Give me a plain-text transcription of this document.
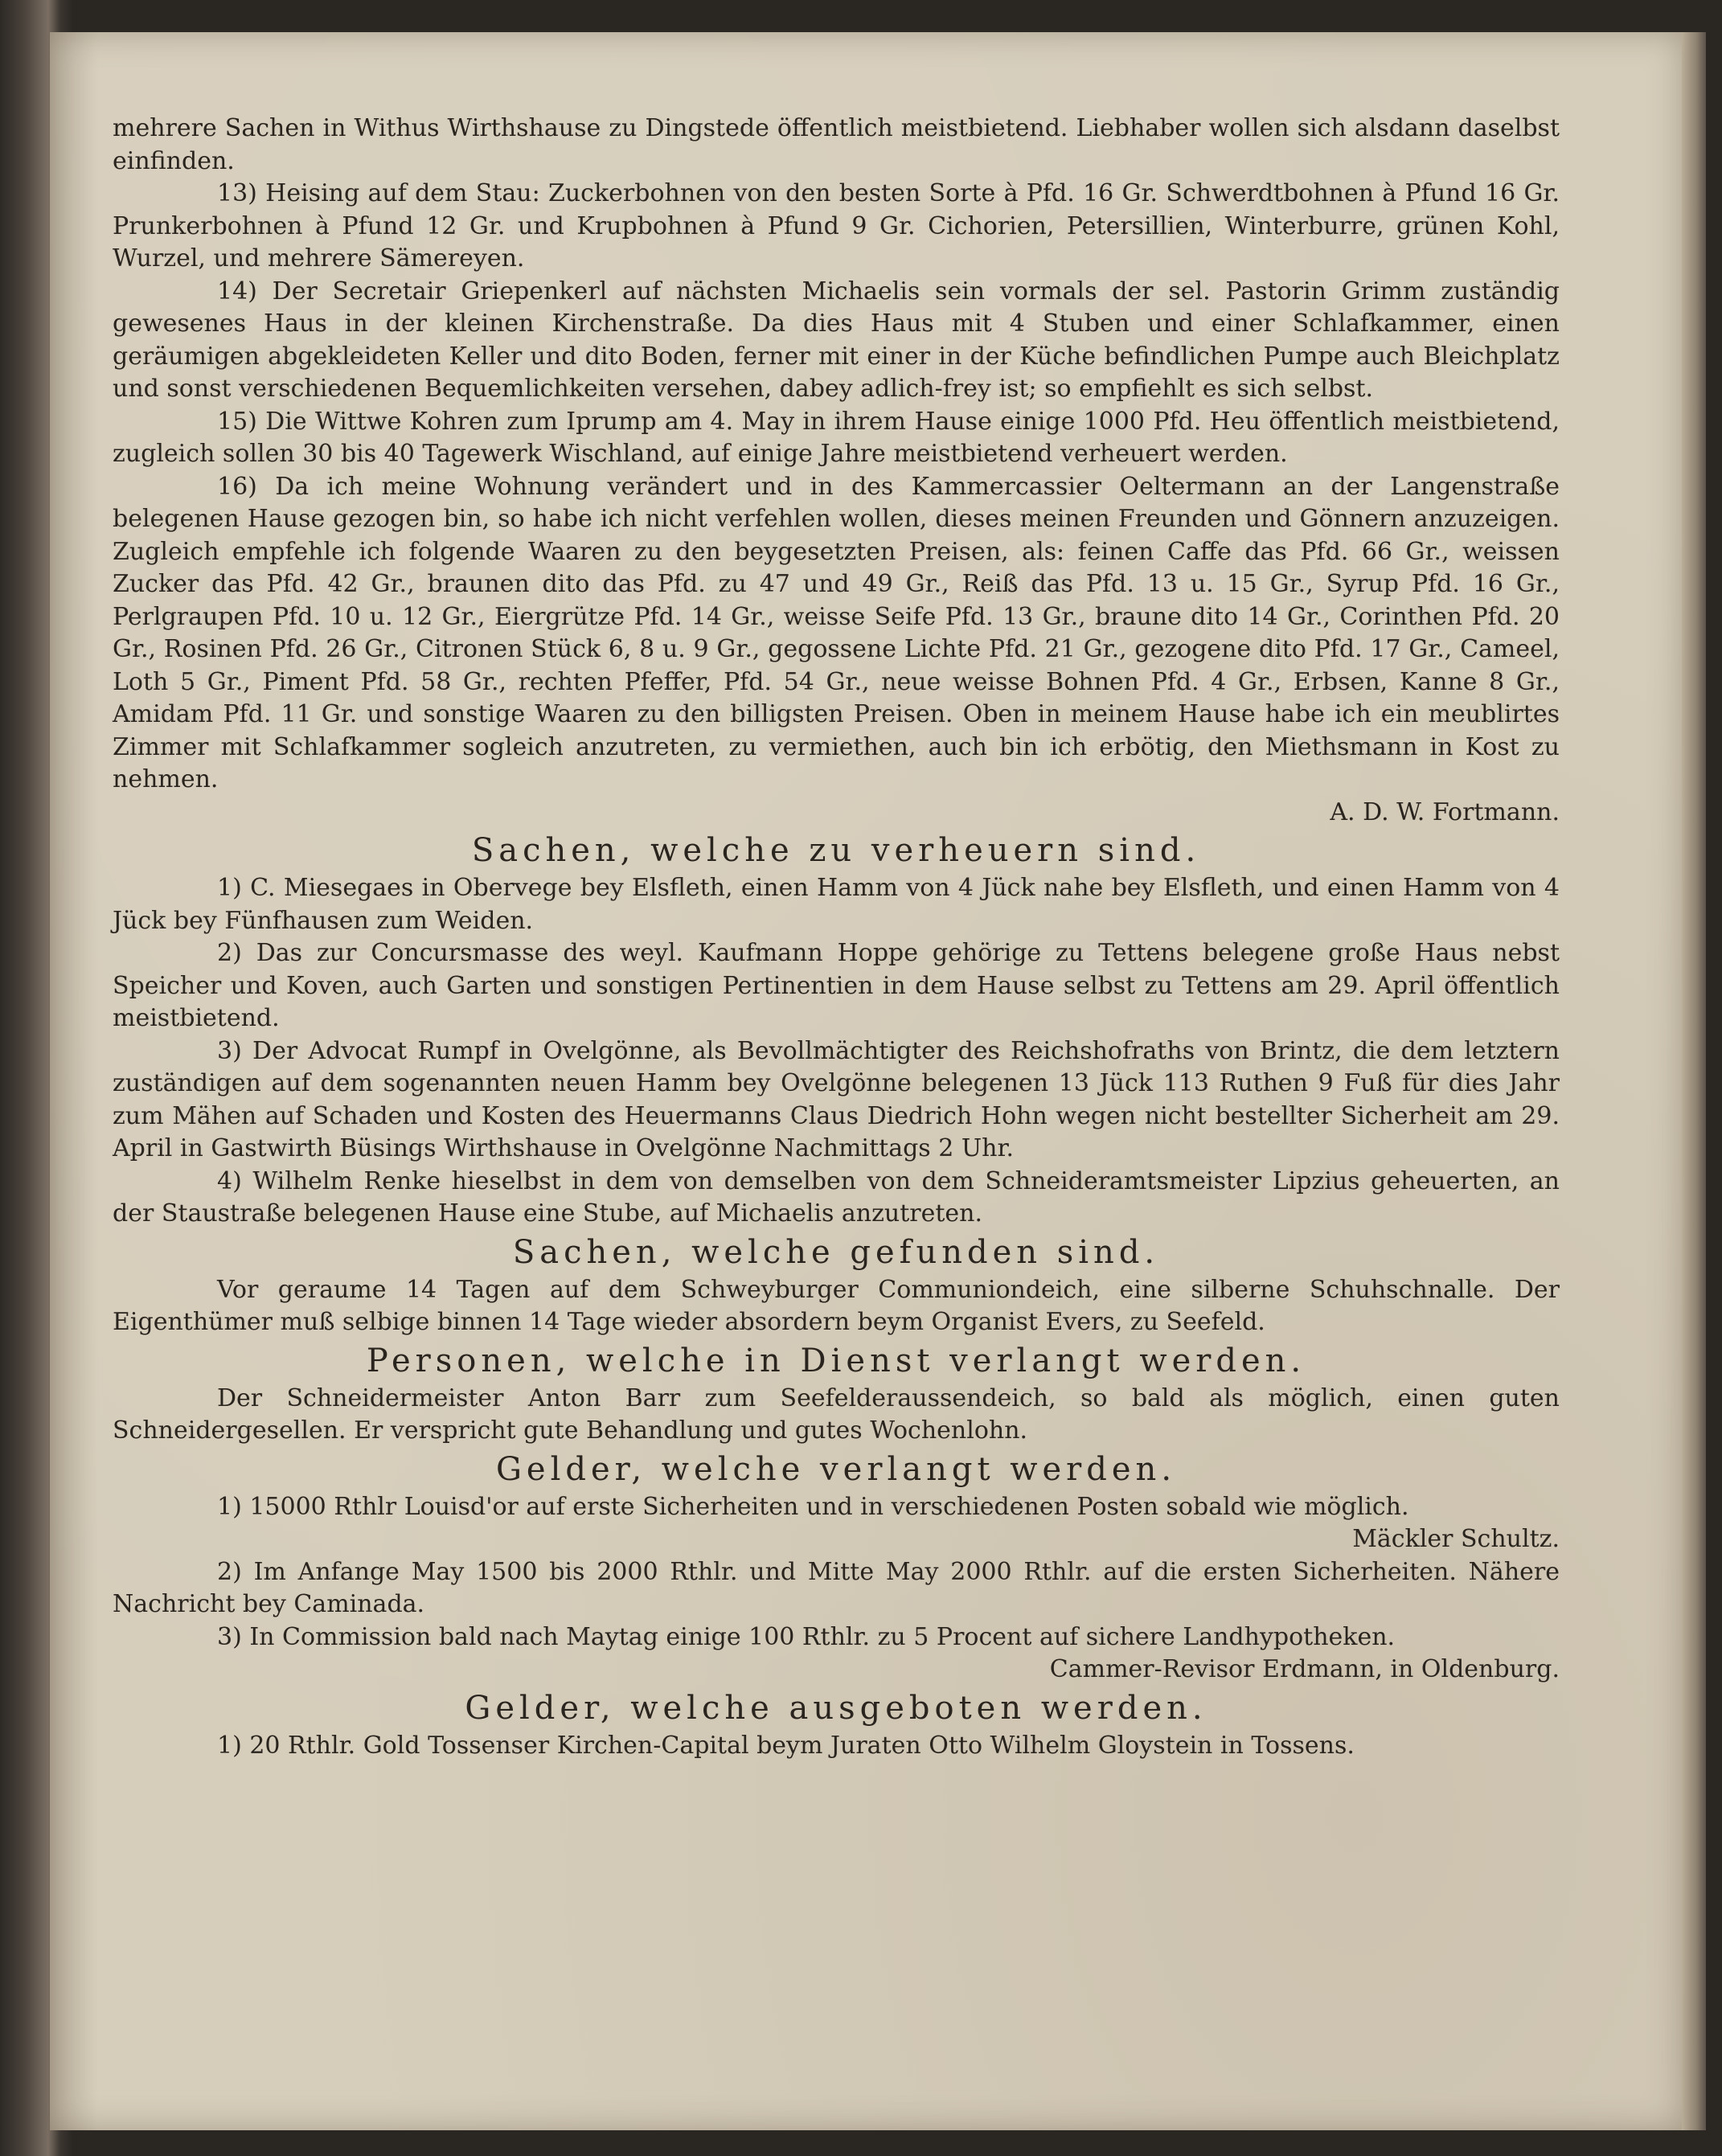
mehrere Sachen in Withus Wirthshause zu Dingstede öffentlich meistbietend. Liebhaber wollen sich alsdann daselbst einfinden.

13) Heising auf dem Stau: Zuckerbohnen von den besten Sorte à Pfd. 16 Gr. Schwerdtbohnen à Pfund 16 Gr. Prunkerbohnen à Pfund 12 Gr. und Krupbohnen à Pfund 9 Gr. Cichorien, Petersillien, Winterburre, grünen Kohl, Wurzel, und mehrere Sämereyen.

14) Der Secretair Griepenkerl auf nächsten Michaelis sein vormals der sel. Pastorin Grimm zuständig gewesenes Haus in der kleinen Kirchenstraße. Da dies Haus mit 4 Stuben und einer Schlafkammer, einen geräumigen abgekleideten Keller und dito Boden, ferner mit einer in der Küche befindlichen Pumpe auch Bleichplatz und sonst verschiedenen Bequemlichkeiten versehen, dabey adlich-frey ist; so empfiehlt es sich selbst.

15) Die Wittwe Kohren zum Iprump am 4. May in ihrem Hause einige 1000 Pfd. Heu öffentlich meistbietend, zugleich sollen 30 bis 40 Tagewerk Wischland, auf einige Jahre meistbietend verheuert werden.

16) Da ich meine Wohnung verändert und in des Kammercassier Oeltermann an der Langenstraße belegenen Hause gezogen bin, so habe ich nicht verfehlen wollen, dieses meinen Freunden und Gönnern anzuzeigen. Zugleich empfehle ich folgende Waaren zu den beygesetzten Preisen, als: feinen Caffe das Pfd. 66 Gr., weissen Zucker das Pfd. 42 Gr., braunen dito das Pfd. zu 47 und 49 Gr., Reiß das Pfd. 13 u. 15 Gr., Syrup Pfd. 16 Gr., Perlgraupen Pfd. 10 u. 12 Gr., Eiergrütze Pfd. 14 Gr., weisse Seife Pfd. 13 Gr., braune dito 14 Gr., Corinthen Pfd. 20 Gr., Rosinen Pfd. 26 Gr., Citronen Stück 6, 8 u. 9 Gr., gegossene Lichte Pfd. 21 Gr., gezogene dito Pfd. 17 Gr., Cameel, Loth 5 Gr., Piment Pfd. 58 Gr., rechten Pfeffer, Pfd. 54 Gr., neue weisse Bohnen Pfd. 4 Gr., Erbsen, Kanne 8 Gr., Amidam Pfd. 11 Gr. und sonstige Waaren zu den billigsten Preisen. Oben in meinem Hause habe ich ein meublirtes Zimmer mit Schlafkammer sogleich anzutreten, zu vermiethen, auch bin ich erbötig, den Miethsmann in Kost zu nehmen.

A. D. W. Fortmann.

Sachen, welche zu verheuern sind.

1) C. Miesegaes in Obervege bey Elsfleth, einen Hamm von 4 Jück nahe bey Elsfleth, und einen Hamm von 4 Jück bey Fünfhausen zum Weiden.

2) Das zur Concursmasse des weyl. Kaufmann Hoppe gehörige zu Tettens belegene große Haus nebst Speicher und Koven, auch Garten und sonstigen Pertinentien in dem Hause selbst zu Tettens am 29. April öffentlich meistbietend.

3) Der Advocat Rumpf in Ovelgönne, als Bevollmächtigter des Reichshofraths von Brintz, die dem letztern zuständigen auf dem sogenannten neuen Hamm bey Ovelgönne belegenen 13 Jück 113 Ruthen 9 Fuß für dies Jahr zum Mähen auf Schaden und Kosten des Heuermanns Claus Diedrich Hohn wegen nicht bestellter Sicherheit am 29. April in Gastwirth Büsings Wirthshause in Ovelgönne Nachmittags 2 Uhr.

4) Wilhelm Renke hieselbst in dem von demselben von dem Schneideramtsmeister Lipzius geheuerten, an der Staustraße belegenen Hause eine Stube, auf Michaelis anzutreten.

Sachen, welche gefunden sind.

Vor geraume 14 Tagen auf dem Schweyburger Communiondeich, eine silberne Schuhschnalle. Der Eigenthümer muß selbige binnen 14 Tage wieder absordern beym Organist Evers, zu Seefeld.

Personen, welche in Dienst verlangt werden.

Der Schneidermeister Anton Barr zum Seefelderaussendeich, so bald als möglich, einen guten Schneidergesellen. Er verspricht gute Behandlung und gutes Wochenlohn.

Gelder, welche verlangt werden.

1) 15000 Rthlr Louisd'or auf erste Sicherheiten und in verschiedenen Posten sobald wie möglich.

Mäckler Schultz.

2) Im Anfange May 1500 bis 2000 Rthlr. und Mitte May 2000 Rthlr. auf die ersten Sicherheiten. Nähere Nachricht bey Caminada.

3) In Commission bald nach Maytag einige 100 Rthlr. zu 5 Procent auf sichere Landhypotheken.

Cammer-Revisor Erdmann, in Oldenburg.

Gelder, welche ausgeboten werden.

1) 20 Rthlr. Gold Tossenser Kirchen-Capital beym Juraten Otto Wilhelm Gloystein in Tossens.
